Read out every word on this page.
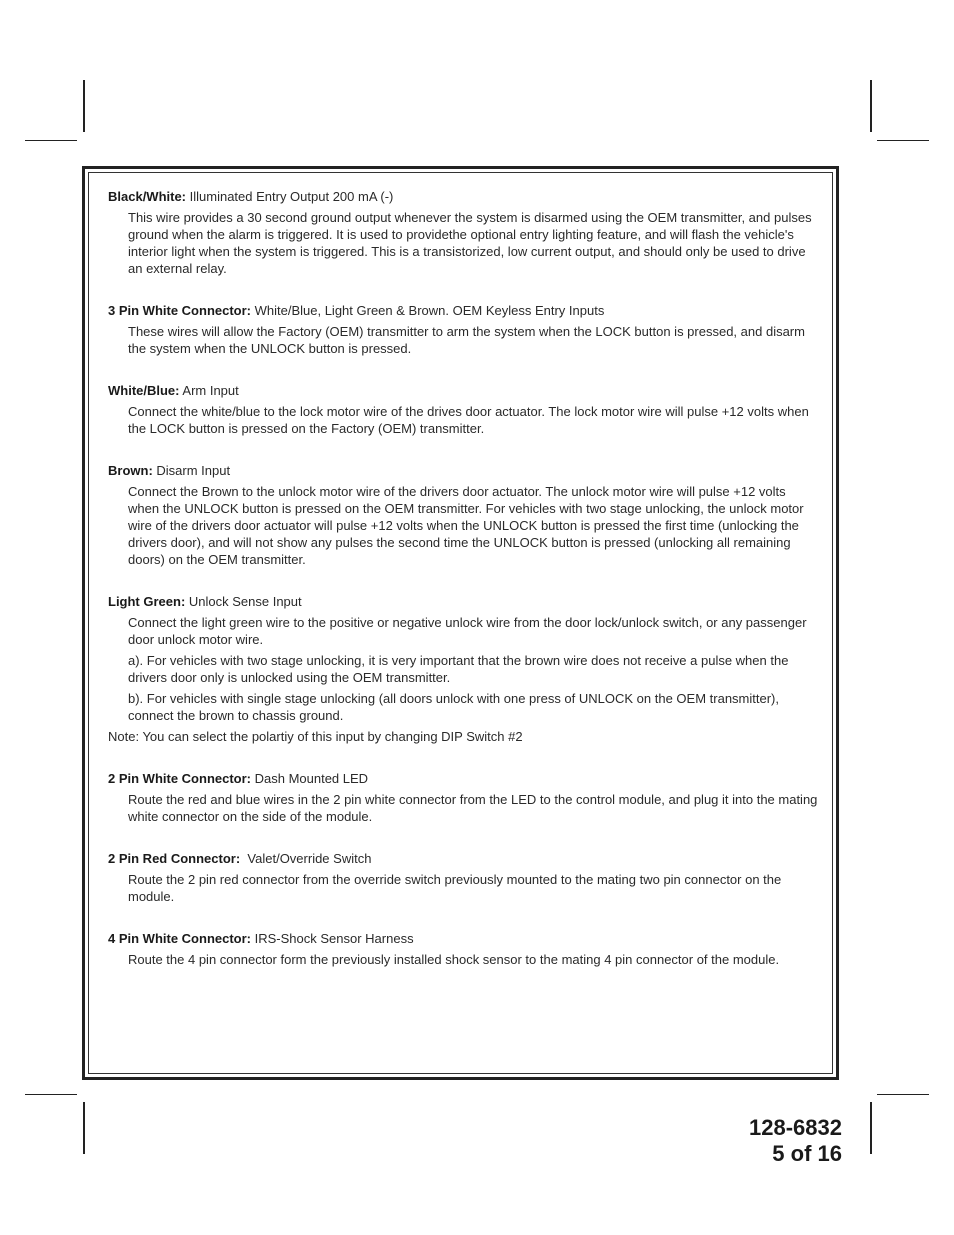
Black/White: Illuminated Entry Output 200 mA (-)

This wire provides a 30 second ground output whenever the system is disarmed using the OEM transmitter, and pulses ground when the alarm is triggered. It is used to providethe optional entry lighting feature, and will flash the vehicle's interior light when the system is triggered. This is a transistorized, low current output, and should only be used to drive an external relay.

3 Pin White Connector: White/Blue, Light Green & Brown. OEM Keyless Entry Inputs

These wires will allow the Factory (OEM) transmitter to arm the system when the LOCK button is pressed, and disarm the system when the UNLOCK button is pressed.

White/Blue: Arm Input

Connect the white/blue to the lock motor wire of the drives door actuator. The lock motor wire will pulse +12 volts when the LOCK button is pressed on the Factory (OEM) transmitter.

Brown: Disarm Input

Connect the Brown to the unlock motor wire of the drivers door actuator. The unlock motor wire will pulse +12 volts when the UNLOCK button is pressed on the OEM transmitter. For vehicles with two stage unlocking, the unlock motor wire of the drivers door actuator will pulse +12 volts when the UNLOCK button is pressed the first time (unlocking the drivers door), and will not show any pulses the second time the UNLOCK button is pressed (unlocking all remaining doors) on the OEM transmitter.

Light Green: Unlock Sense Input

Connect the light green wire to the positive or negative unlock wire from the door lock/unlock switch, or any passenger door unlock motor wire.

a). For vehicles with two stage unlocking, it is very important that the brown wire does not receive a pulse when the drivers door only is unlocked using the OEM transmitter.

b). For vehicles with single stage unlocking (all doors unlock with one press of UNLOCK on the OEM transmitter), connect the brown to chassis ground.

Note: You can select the polartiy of this input by changing DIP Switch #2

2 Pin White Connector: Dash Mounted LED

Route the red and blue wires in the 2 pin white connector from the LED to the control module, and plug it into the mating white connector on the side of the module.

2 Pin Red Connector:  Valet/Override Switch

Route the 2 pin red connector from the override switch previously mounted to the mating two pin connector on the module.

4 Pin White Connector: IRS-Shock Sensor Harness

Route the 4 pin connector form the previously installed shock sensor to the mating 4 pin connector of the module.

128-6832
5 of 16
